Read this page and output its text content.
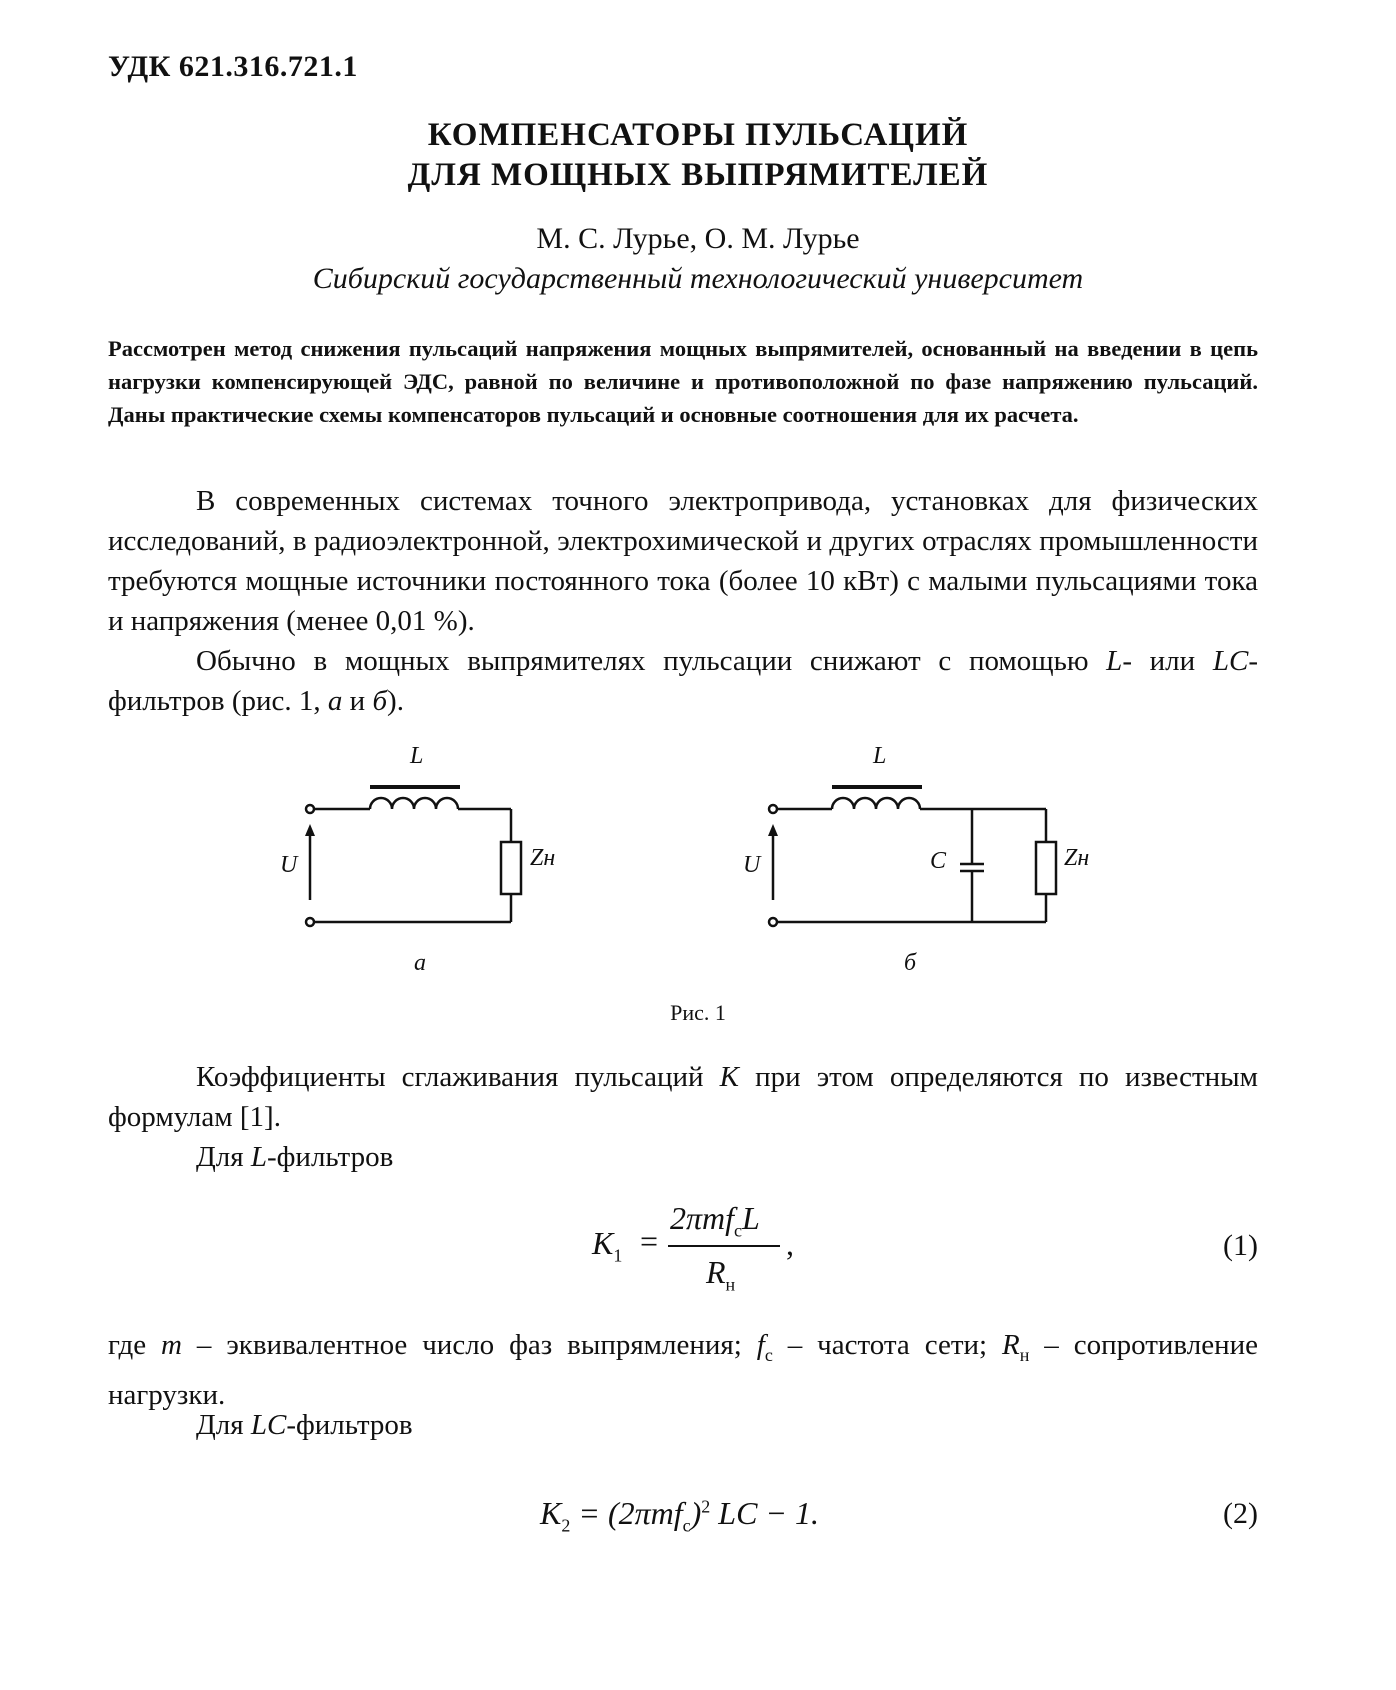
УДК 621.316.721.1
КОМПЕНСАТОРЫ ПУЛЬСАЦИЙ
ДЛЯ МОЩНЫХ ВЫПРЯМИТЕЛЕЙ
М. С. Лурье, О. М. Лурье
Сибирский государственный технологический университет
Рассмотрен метод снижения пульсаций напряжения мощных выпрямителей, основанный на введении в цепь нагрузки компенсирующей ЭДС, равной по величине и противоположной по фазе напряжению пульсаций. Даны практические схемы компенсаторов пульсаций и основные соотношения для их расчета.
В современных системах точного электропривода, установках для физических исследований, в радиоэлектронной, электрохимической и других отраслях промышленности требуются мощные источники постоянного тока (более 10 кВт) с малыми пульсациями тока и напряжения (менее 0,01 %).
Обычно в мощных выпрямителях пульсации снижают с помощью L- или LC-фильтров (рис. 1, а и б).
L
U	Zн
а
L
U	C	Zн
б
Рис. 1
Коэффициенты сглаживания пульсаций K при этом определяются по известным формулам [1].
Для L-фильтров
$K_1$ =
2πmf$_c$L
$R_н$
,	(1)
где m – эквивалентное число фаз выпрямления; $f_c$ – частота сети; $R_н$ – сопротивление нагрузки.
Для LC-фильтров
$K_2 = (2\pi mf_c)^2$ LC − 1.	(2)
